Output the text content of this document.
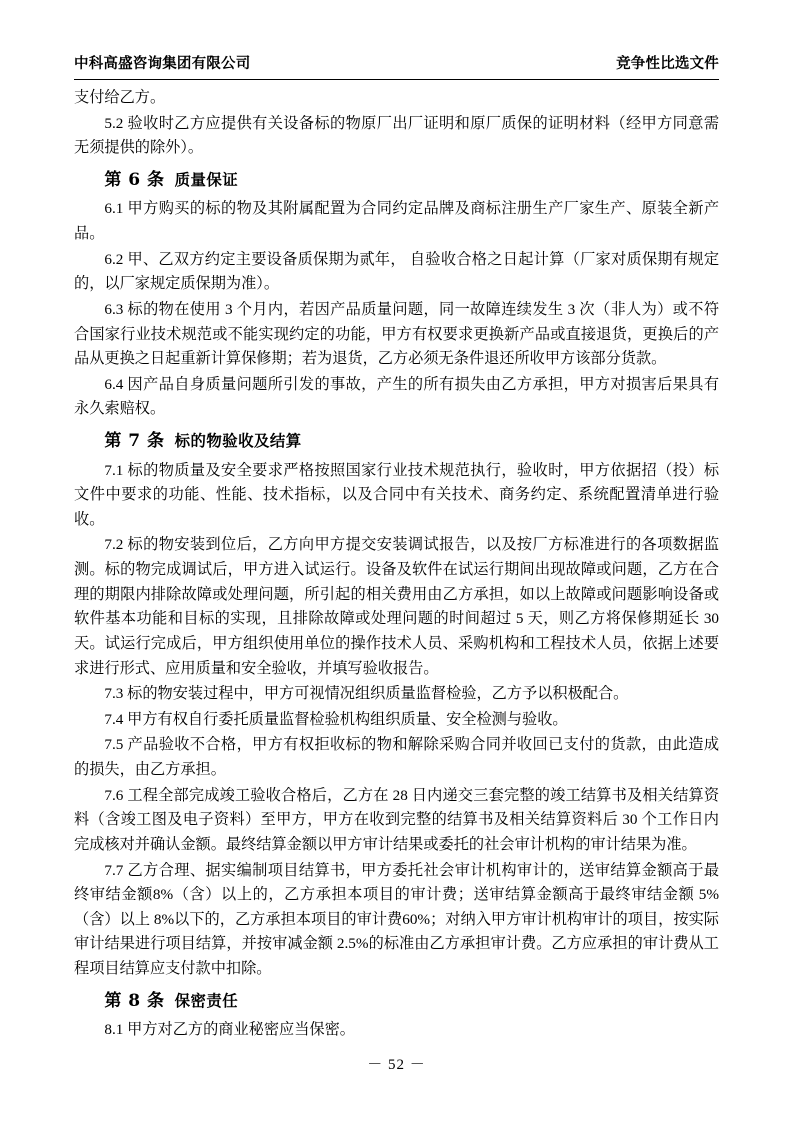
中科高盛咨询集团有限公司	竞争性比选文件

支付给乙方。

5.2 验收时乙方应提供有关设备标的物原厂出厂证明和原厂质保的证明材料（经甲方同意需无须提供的除外）。

第 6 条 质量保证

6.1 甲方购买的标的物及其附属配置为合同约定品牌及商标注册生产厂家生产、原装全新产品。

6.2 甲、乙双方约定主要设备质保期为贰年， 自验收合格之日起计算（厂家对质保期有规定的，以厂家规定质保期为准）。

6.3 标的物在使用 3 个月内，若因产品质量问题，同一故障连续发生 3 次（非人为）或不符合国家行业技术规范或不能实现约定的功能，甲方有权要求更换新产品或直接退货，更换后的产品从更换之日起重新计算保修期；若为退货，乙方必须无条件退还所收甲方该部分货款。

6.4 因产品自身质量问题所引发的事故，产生的所有损失由乙方承担，甲方对损害后果具有永久索赔权。

第 7 条 标的物验收及结算

7.1 标的物质量及安全要求严格按照国家行业技术规范执行，验收时，甲方依据招（投）标文件中要求的功能、性能、技术指标，以及合同中有关技术、商务约定、系统配置清单进行验收。

7.2 标的物安装到位后，乙方向甲方提交安装调试报告，以及按厂方标准进行的各项数据监测。标的物完成调试后，甲方进入试运行。设备及软件在试运行期间出现故障或问题，乙方在合理的期限内排除故障或处理问题，所引起的相关费用由乙方承担，如以上故障或问题影响设备或软件基本功能和目标的实现，且排除故障或处理问题的时间超过 5 天，则乙方将保修期延长 30 天。试运行完成后，甲方组织使用单位的操作技术人员、采购机构和工程技术人员，依据上述要求进行形式、应用质量和安全验收，并填写验收报告。

7.3 标的物安装过程中，甲方可视情况组织质量监督检验，乙方予以积极配合。

7.4 甲方有权自行委托质量监督检验机构组织质量、安全检测与验收。

7.5 产品验收不合格，甲方有权拒收标的物和解除采购合同并收回已支付的货款，由此造成的损失，由乙方承担。

7.6 工程全部完成竣工验收合格后，乙方在 28 日内递交三套完整的竣工结算书及相关结算资料（含竣工图及电子资料）至甲方，甲方在收到完整的结算书及相关结算资料后 30 个工作日内完成核对并确认金额。最终结算金额以甲方审计结果或委托的社会审计机构的审计结果为准。

7.7 乙方合理、据实编制项目结算书，甲方委托社会审计机构审计的，送审结算金额高于最终审结金额8%（含）以上的，乙方承担本项目的审计费；送审结算金额高于最终审结金额 5%（含）以上 8%以下的，乙方承担本项目的审计费60%；对纳入甲方审计机构审计的项目，按实际审计结果进行项目结算，并按审减金额 2.5%的标准由乙方承担审计费。乙方应承担的审计费从工程项目结算应支付款中扣除。

第 8 条 保密责任

8.1 甲方对乙方的商业秘密应当保密。

－ 52 －
